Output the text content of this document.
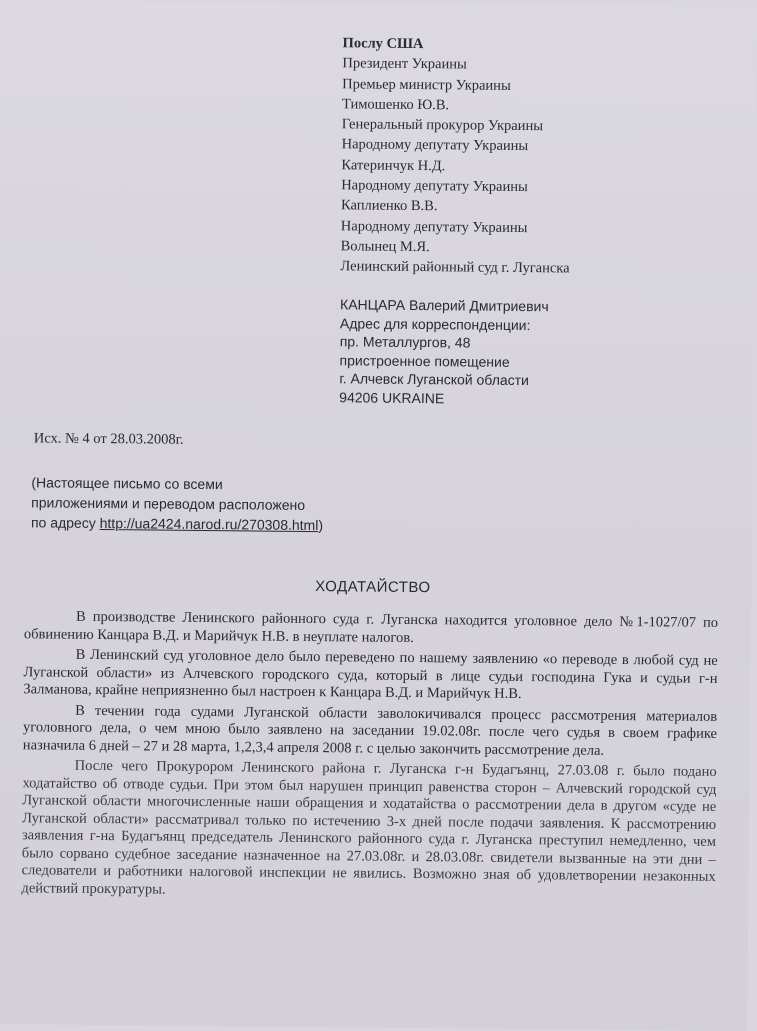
Послу США
Президент Украины
Премьер министр Украины
Тимошенко Ю.В.
Генеральный прокурор Украины
Народному депутату Украины
Катеринчук Н.Д.
Народному депутату Украины
Каплиенко В.В.
Народному депутату Украины
Волынец М.Я.
Ленинский районный суд г. Луганска
КАНЦАРА Валерий Дмитриевич
Адрес для корреспонденции:
пр. Металлургов, 48
пристроенное помещение
г. Алчевск Луганской области
94206 UKRAINE
Исх. № 4 от 28.03.2008г.
(Настоящее письмо со всеми
приложениями и переводом расположено
по адресу http://ua2424.narod.ru/270308.html)
ХОДАТАЙСТВО

В производстве Ленинского районного суда г. Луганска находится уголовное дело №1-1027/07 по обвинению Канцара В.Д. и Марийчук Н.В. в неуплате налогов.

В Ленинский суд уголовное дело было переведено по нашему заявлению «о переводе в любой суд не Луганской области» из Алчевского городского суда, который в лице судьи господина Гука и судьи г-н Залманова, крайне неприязненно был настроен к Канцара В.Д. и Марийчук Н.В.

В течении года судами Луганской области заволокичивался процесс рассмотрения материалов уголовного дела, о чем мною было заявлено на заседании 19.02.08г. после чего судья в своем графике назначила 6 дней – 27 и 28 марта, 1,2,3,4 апреля 2008 г. с целью закончить рассмотрение дела.

После чего Прокурором Ленинского района г. Луганска г-н Будагъянц, 27.03.08 г. было подано ходатайство об отводе судьи. При этом был нарушен принцип равенства сторон – Алчевский городской суд Луганской области многочисленные наши обращения и ходатайства о рассмотрении дела в другом «суде не Луганской области» рассматривал только по истечению 3-х дней после подачи заявления. К рассмотрению заявления г-на Будагъянц председатель Ленинского районного суда г. Луганска преступил немедленно, чем было сорвано судебное заседание назначенное на 27.03.08г. и 28.03.08г. свидетели вызванные на эти дни – следователи и работники налоговой инспекции не явились. Возможно зная об удовлетворении незаконных действий прокуратуры.
